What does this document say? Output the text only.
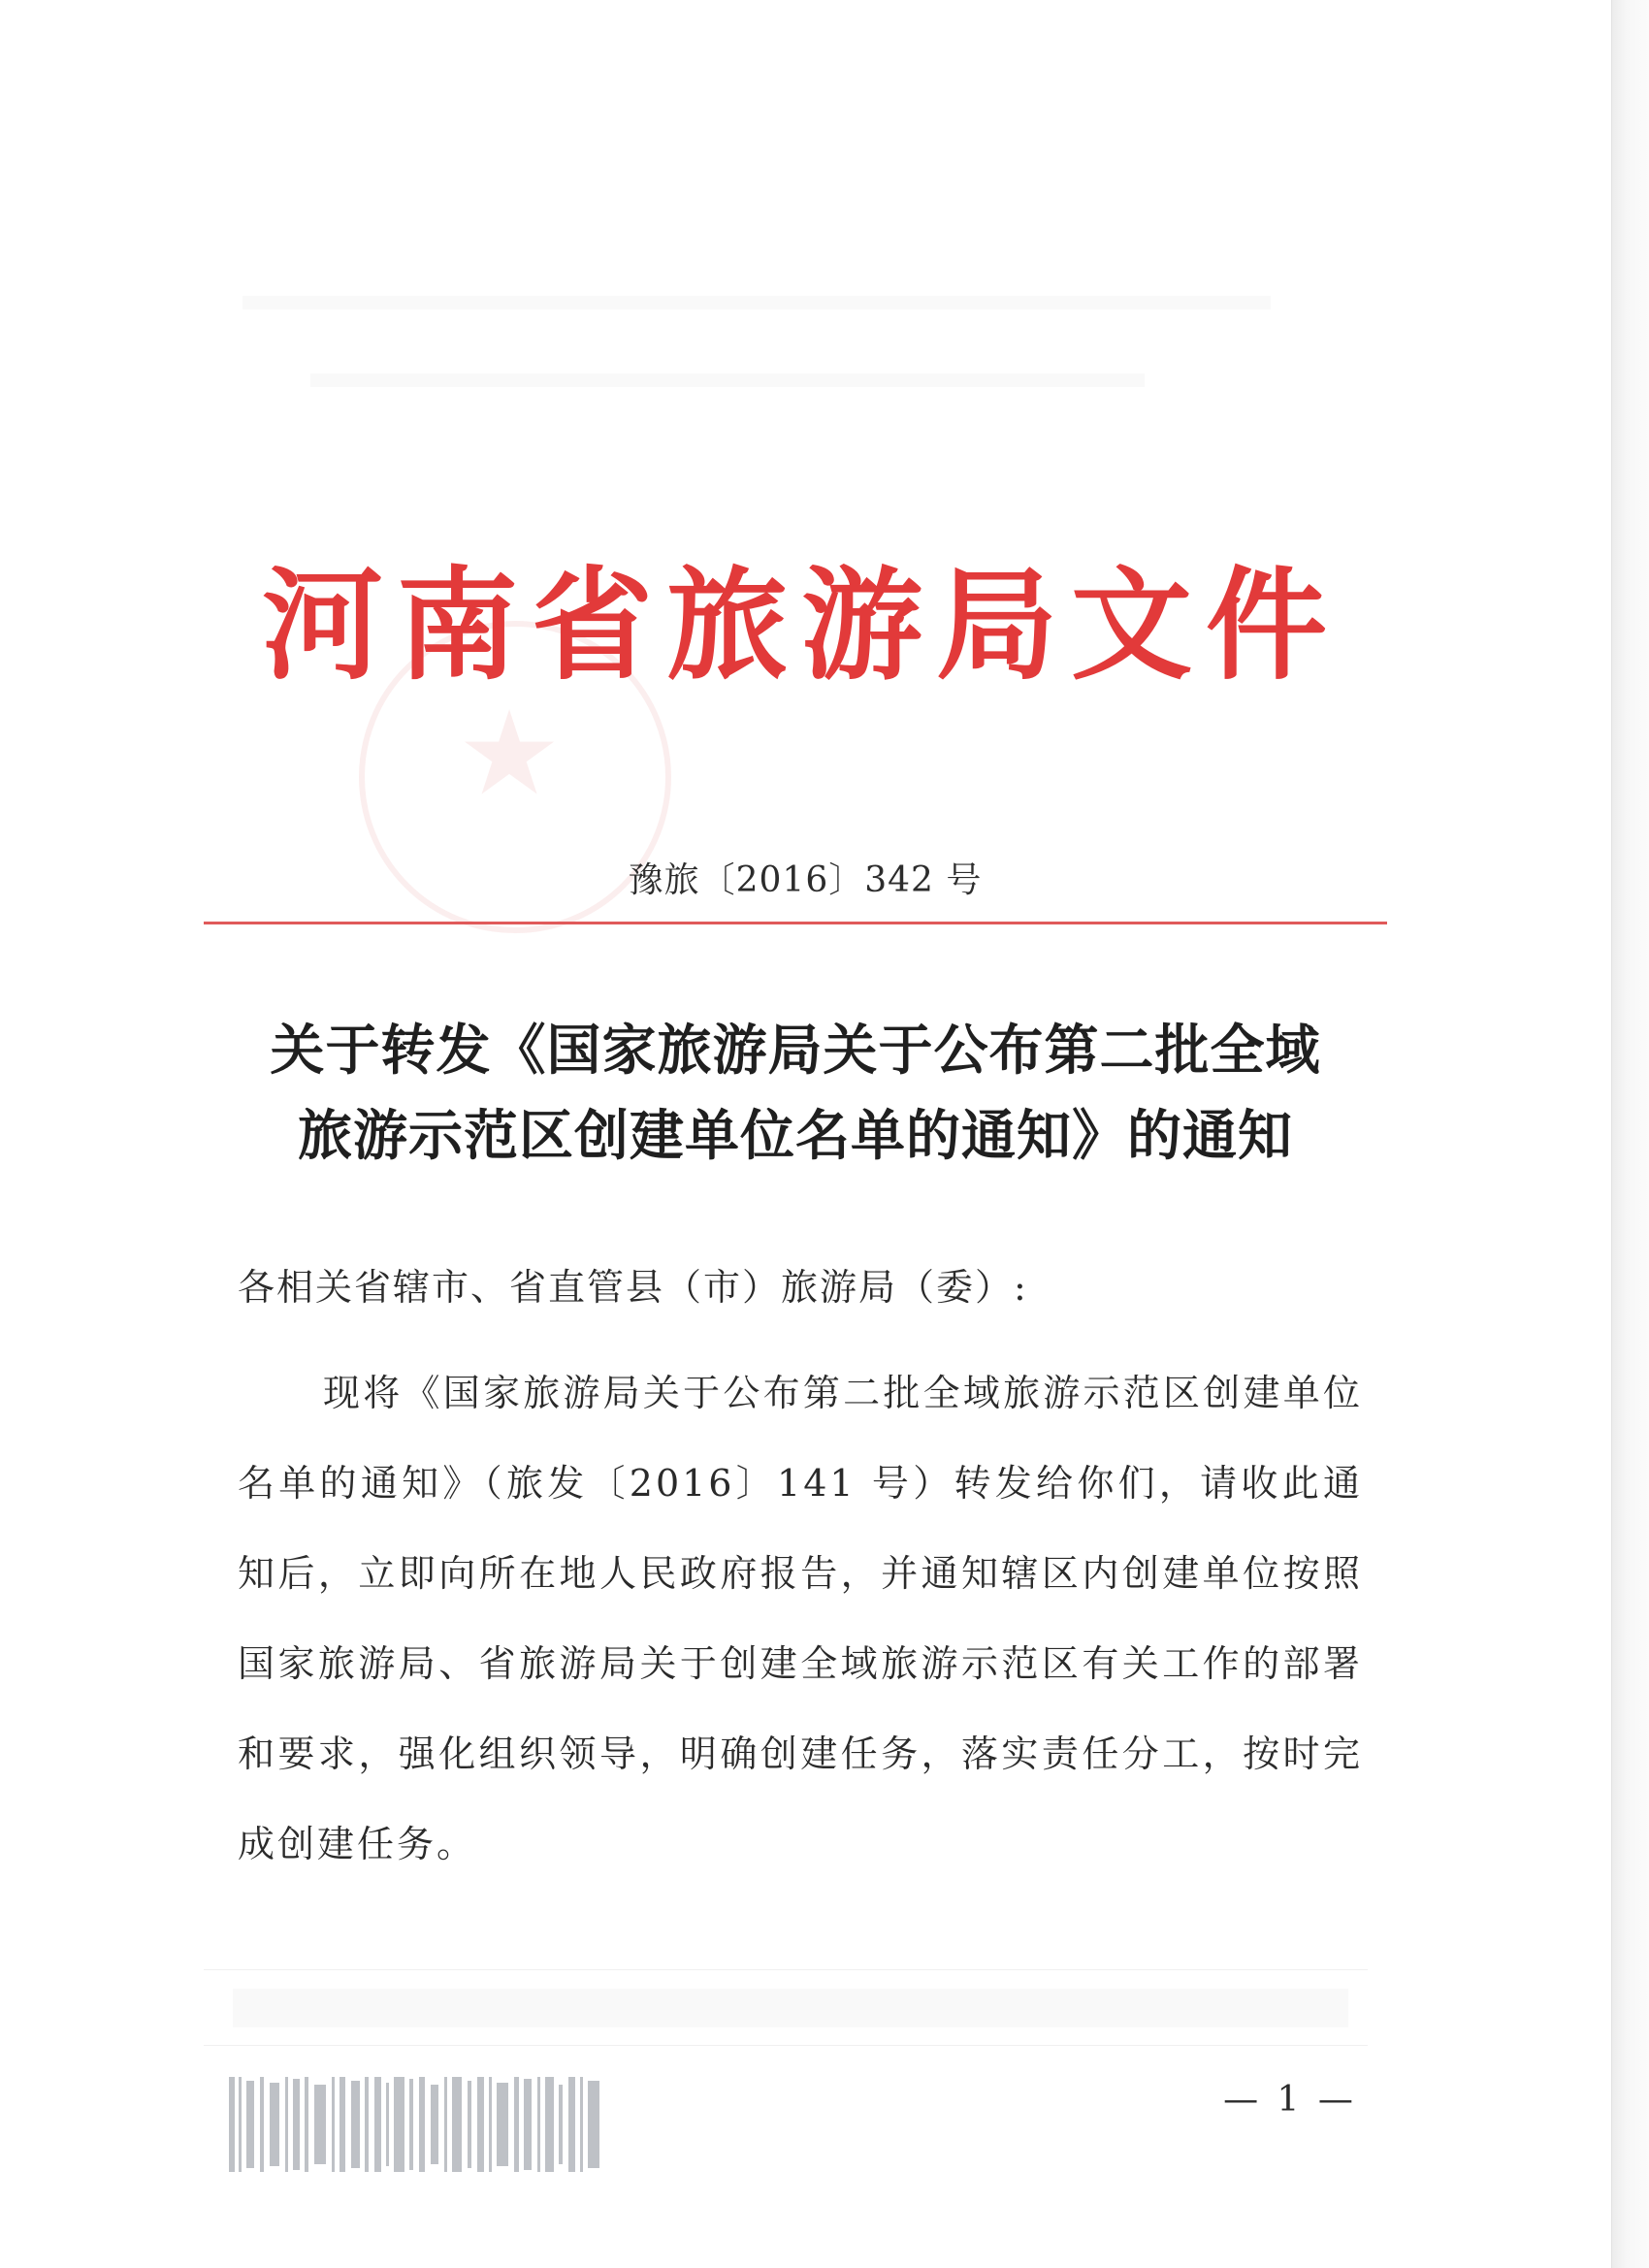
★
河南省旅游局文件
豫旅〔2016〕342 号
关于转发《国家旅游局关于公布第二批全域
旅游示范区创建单位名单的通知》的通知
各相关省辖市、省直管县（市）旅游局（委）:
现将《国家旅游局关于公布第二批全域旅游示范区创建单位名单的通知》（旅发〔2016〕141 号）转发给你们，请收此通知后，立即向所在地人民政府报告，并通知辖区内创建单位按照国家旅游局、省旅游局关于创建全域旅游示范区有关工作的部署和要求，强化组织领导，明确创建任务，落实责任分工，按时完成创建任务。
— 1 —
